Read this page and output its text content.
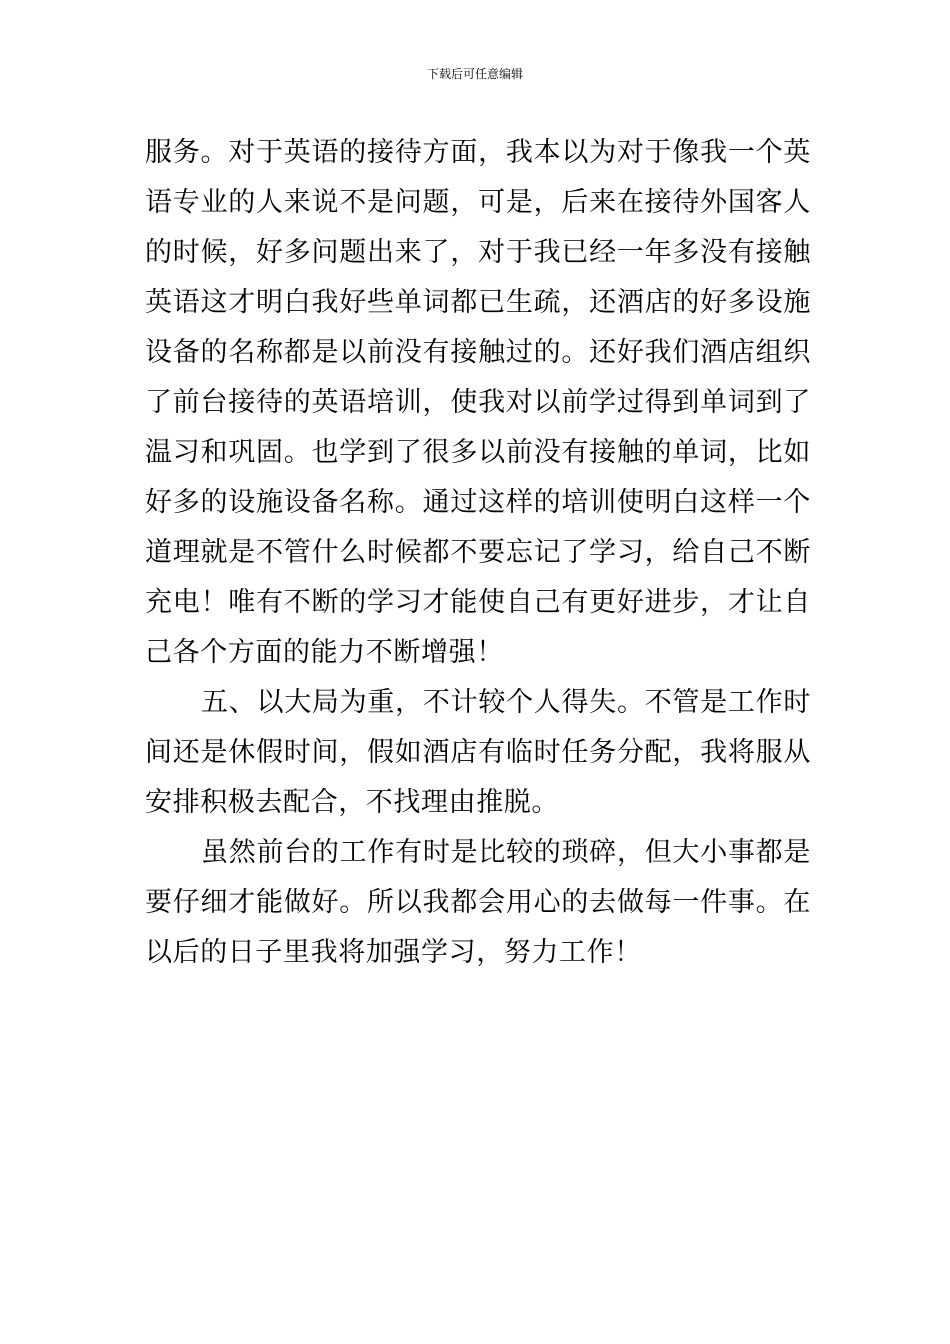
下载后可任意编辑

服务。对于英语的接待方面，我本以为对于像我一个英语专业的人来说不是问题，可是，后来在接待外国客人的时候，好多问题出来了，对于我已经一年多没有接触英语这才明白我好些单词都已生疏，还酒店的好多设施设备的名称都是以前没有接触过的。还好我们酒店组织了前台接待的英语培训，使我对以前学过得到单词到了温习和巩固。也学到了很多以前没有接触的单词，比如好多的设施设备名称。通过这样的培训使明白这样一个道理就是不管什么时候都不要忘记了学习，给自己不断充电！唯有不断的学习才能使自己有更好进步，才让自己各个方面的能力不断增强！

五、以大局为重，不计较个人得失。不管是工作时间还是休假时间，假如酒店有临时任务分配，我将服从安排积极去配合，不找理由推脱。

虽然前台的工作有时是比较的琐碎，但大小事都是要仔细才能做好。所以我都会用心的去做每一件事。在以后的日子里我将加强学习，努力工作！
